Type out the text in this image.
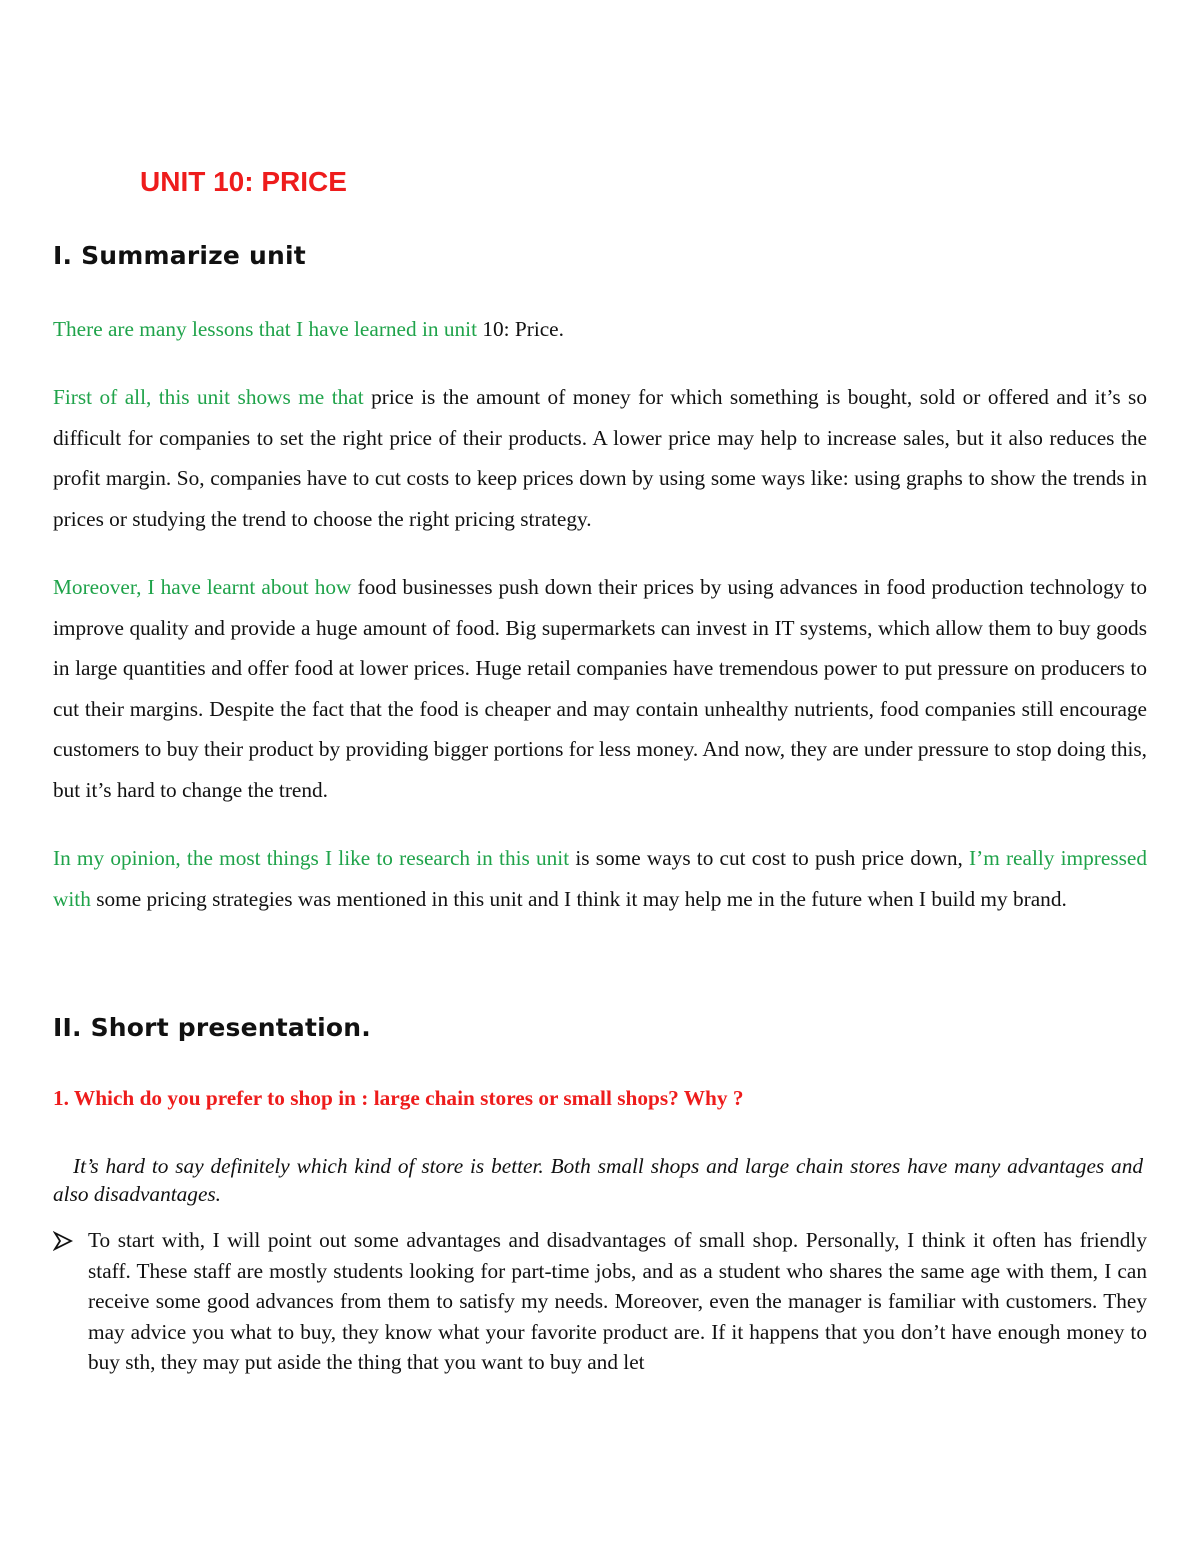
UNIT 10: PRICE
I. Summarize unit

There are many lessons that I have learned in unit 10: Price.

First of all, this unit shows me that price is the amount of money for which something is bought, sold or offered and it’s so difficult for companies to set the right price of their products. A lower price may help to increase sales, but it also reduces the profit margin. So, companies have to cut costs to keep prices down by using some ways like: using graphs to show the trends in prices or studying the trend to choose the right pricing strategy.

Moreover, I have learnt about how food businesses push down their prices by using advances in food production technology to improve quality and provide a huge amount of food. Big supermarkets can invest in IT systems, which allow them to buy goods in large quantities and offer food at lower prices. Huge retail companies have tremendous power to put pressure on producers to cut their margins. Despite the fact that the food is cheaper and may contain unhealthy nutrients, food companies still encourage customers to buy their product by providing bigger portions for less money. And now, they are under pressure to stop doing this, but it’s hard to change the trend.

In my opinion, the most things I like to research in this unit is some ways to cut cost to push price down, I’m really impressed with some pricing strategies was mentioned in this unit and I think it may help me in the future when I build my brand.

II. Short presentation.

1. Which do you prefer to shop in : large chain stores or small shops? Why ?

It’s hard to say definitely which kind of store is better. Both small shops and large chain stores have many advantages and also disadvantages.

To start with, I will point out some advantages and disadvantages of small shop. Personally, I think it often has friendly staff. These staff are mostly students looking for part-time jobs, and as a student who shares the same age with them, I can receive some good advances from them to satisfy my needs. Moreover, even the manager is familiar with customers. They may advice you what to buy, they know what your favorite product are. If it happens that you don’t have enough money to buy sth, they may put aside the thing that you want to buy and let
